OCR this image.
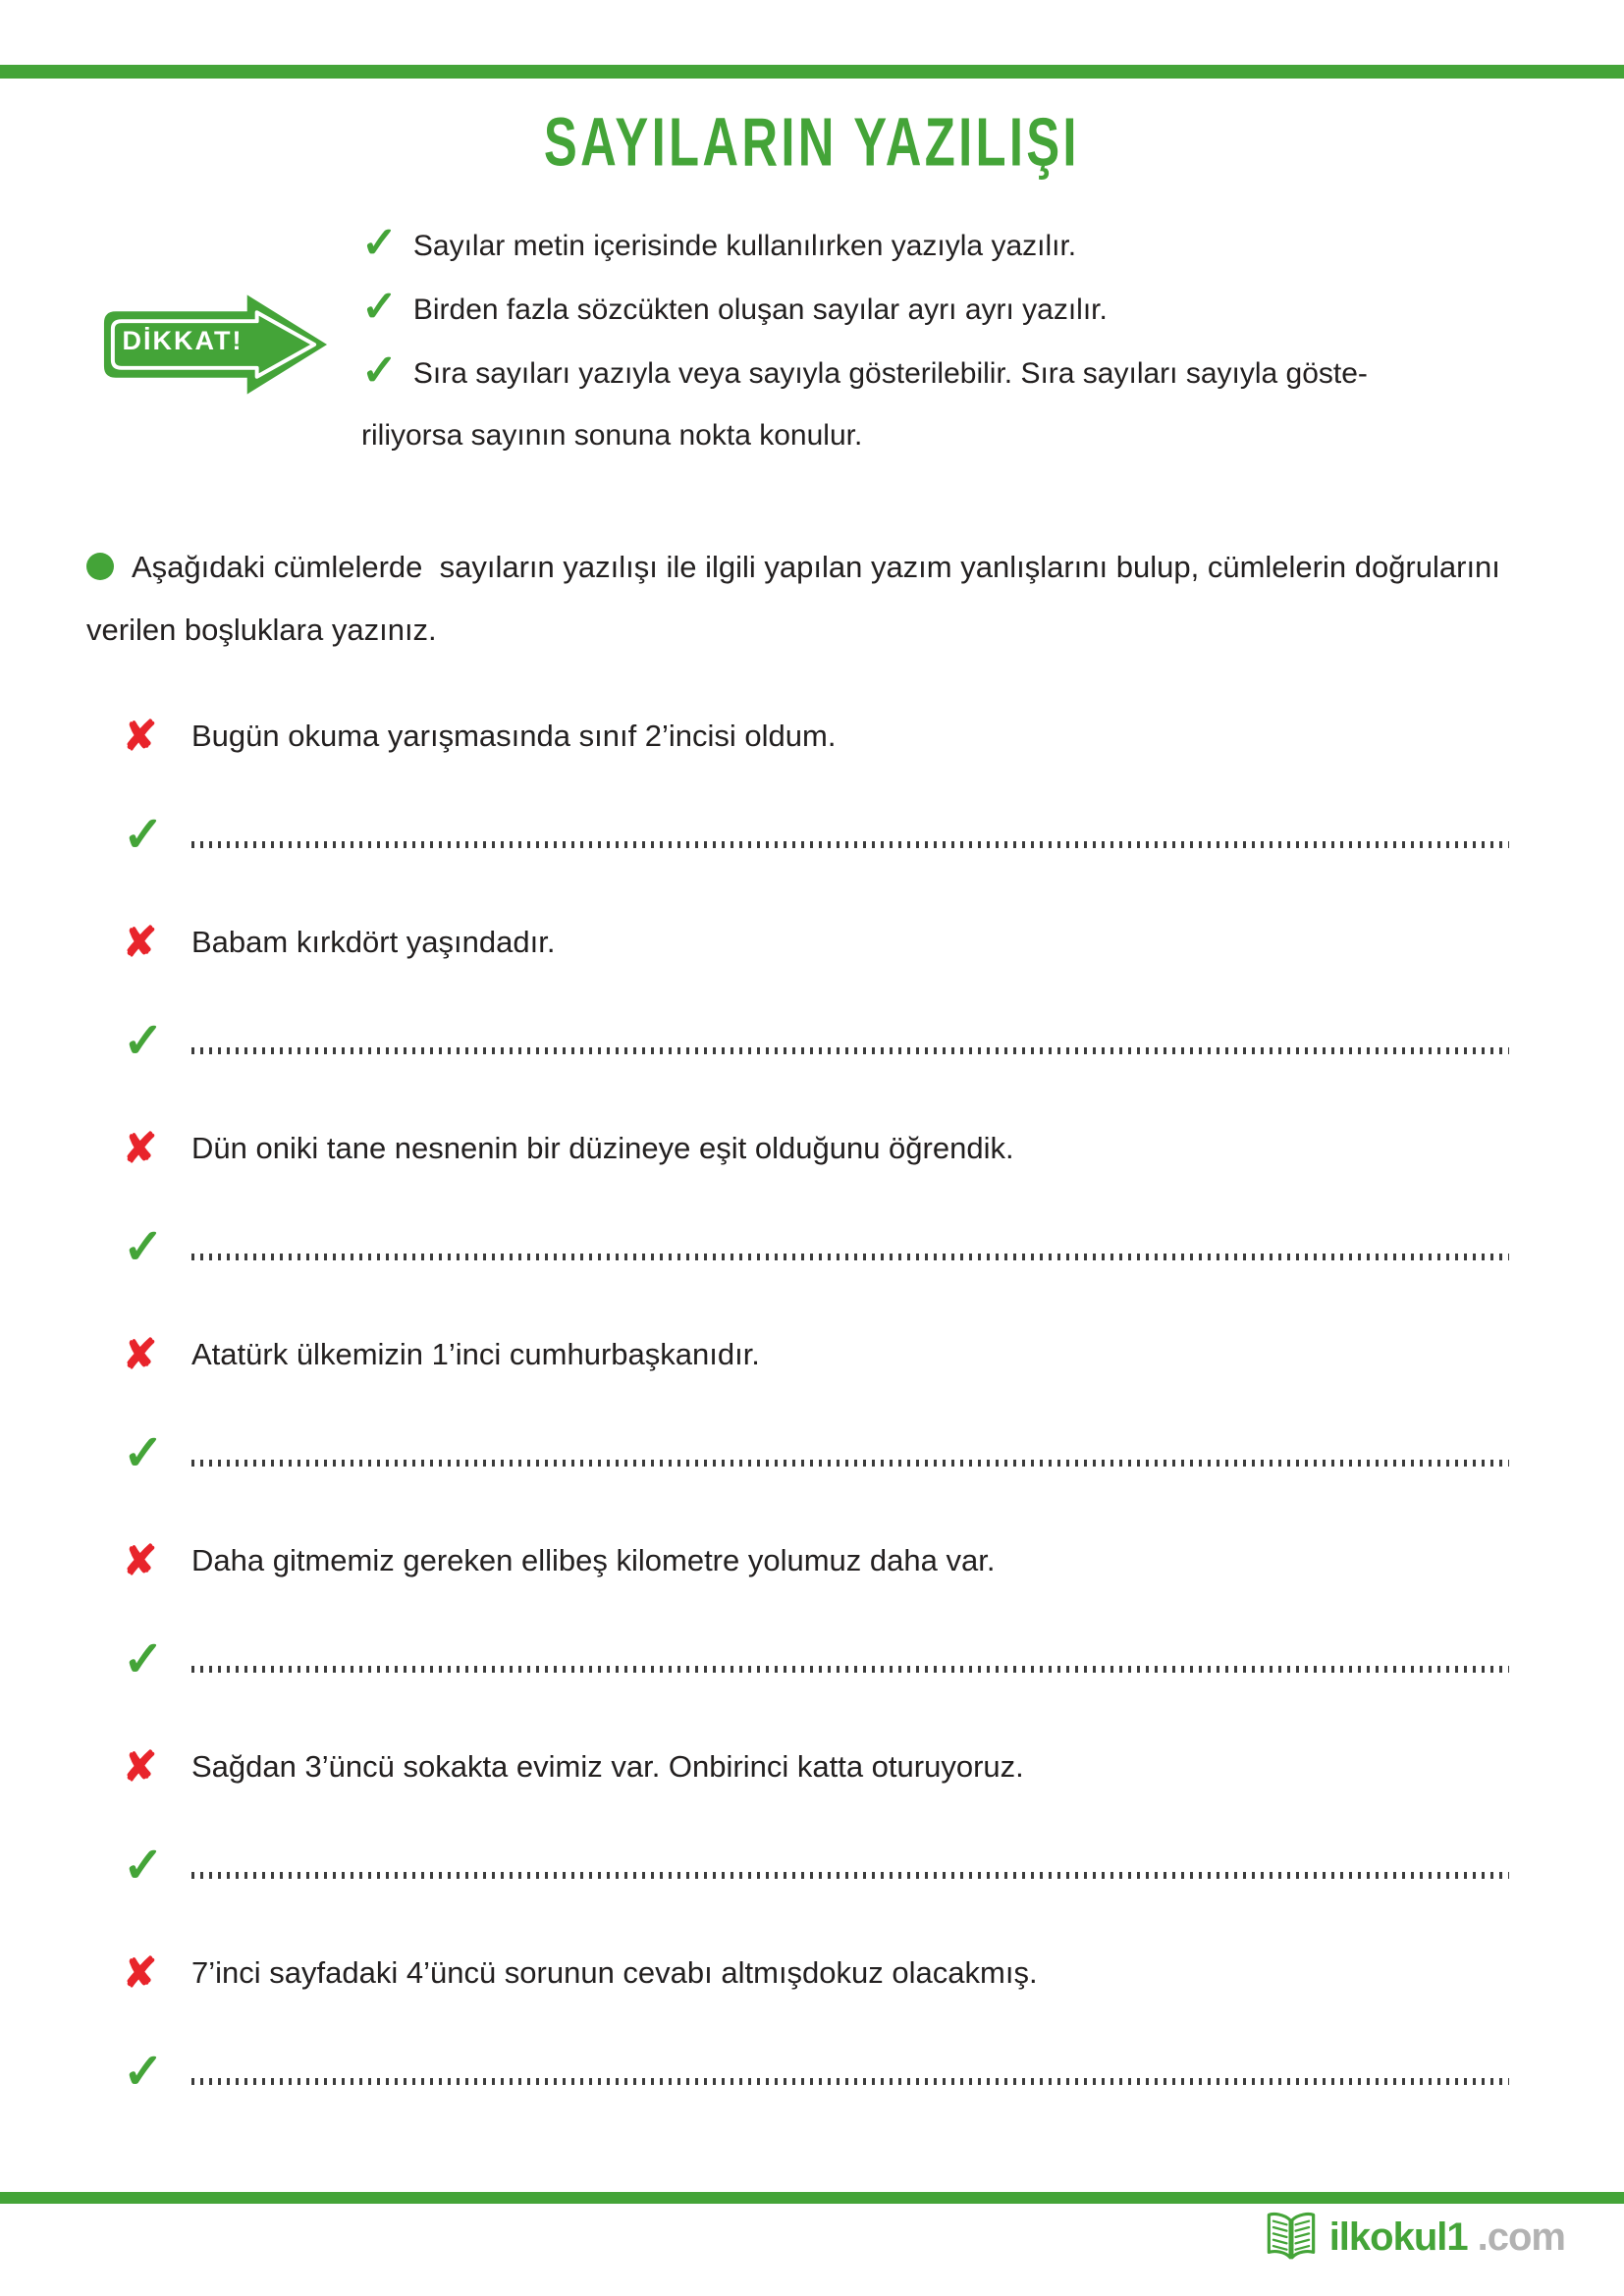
SAYILARIN YAZILIŞI
DİKKAT!
✓ Sayılar metin içerisinde kullanılırken yazıyla yazılır.
✓ Birden fazla sözcükten oluşan sayılar ayrı ayrı yazılır.
✓ Sıra sayıları yazıyla veya sayıyla gösterilebilir. Sıra sayıları sayıyla göste-
riliyorsa sayının sonuna nokta konulur.
Aşağıdaki cümlelerde  sayıların yazılışı ile ilgili yapılan yazım yanlışlarını bulup, cümlelerin doğrularını verilen boşluklara yazınız.
✘ Bugün okuma yarışmasında sınıf 2’incisi oldum.
✓
✘ Babam kırkdört yaşındadır.
✓
✘ Dün oniki tane nesnenin bir düzineye eşit olduğunu öğrendik.
✓
✘ Atatürk ülkemizin 1’inci cumhurbaşkanıdır.
✓
✘ Daha gitmemiz gereken ellibeş kilometre yolumuz daha var.
✓
✘ Sağdan 3’üncü sokakta evimiz var. Onbirinci katta oturuyoruz.
✓
✘ 7’inci sayfadaki 4’üncü sorunun cevabı altmışdokuz olacakmış.
✓
ilkokul1 .com
